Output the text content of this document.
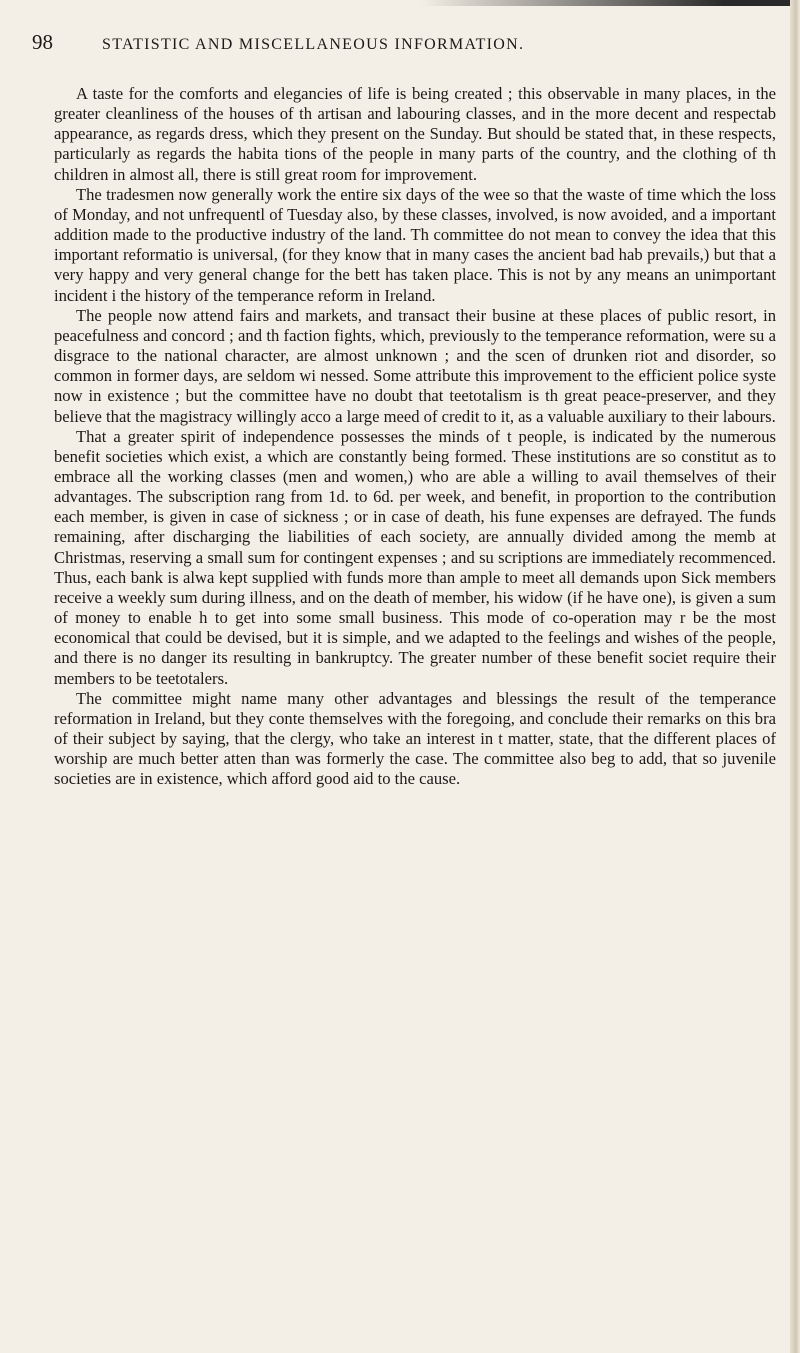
98	STATISTIC AND MISCELLANEOUS INFORMATION.

A taste for the comforts and elegancies of life is being created ; this observable in many places, in the greater cleanliness of the houses of th artisan and labouring classes, and in the more decent and respectab appearance, as regards dress, which they present on the Sunday. But should be stated that, in these respects, particularly as regards the habita tions of the people in many parts of the country, and the clothing of th children in almost all, there is still great room for improvement.

The tradesmen now generally work the entire six days of the wee so that the waste of time which the loss of Monday, and not unfrequentl of Tuesday also, by these classes, involved, is now avoided, and a important addition made to the productive industry of the land. Th committee do not mean to convey the idea that this important reformatio is universal, (for they know that in many cases the ancient bad hab prevails,) but that a very happy and very general change for the bett has taken place. This is not by any means an unimportant incident i the history of the temperance reform in Ireland.

The people now attend fairs and markets, and transact their busine at these places of public resort, in peacefulness and concord ; and th faction fights, which, previously to the temperance reformation, were su a disgrace to the national character, are almost unknown ; and the scen of drunken riot and disorder, so common in former days, are seldom wi nessed. Some attribute this improvement to the efficient police syste now in existence ; but the committee have no doubt that teetotalism is th great peace-preserver, and they believe that the magistracy willingly acco a large meed of credit to it, as a valuable auxiliary to their labours.

That a greater spirit of independence possesses the minds of t people, is indicated by the numerous benefit societies which exist, a which are constantly being formed. These institutions are so constitut as to embrace all the working classes (men and women,) who are able a willing to avail themselves of their advantages. The subscription rang from 1d. to 6d. per week, and benefit, in proportion to the contribution each member, is given in case of sickness ; or in case of death, his fune expenses are defrayed. The funds remaining, after discharging the liabilities of each society, are annually divided among the memb at Christmas, reserving a small sum for contingent expenses ; and su scriptions are immediately recommenced. Thus, each bank is alwa kept supplied with funds more than ample to meet all demands upon Sick members receive a weekly sum during illness, and on the death of member, his widow (if he have one), is given a sum of money to enable h to get into some small business. This mode of co-operation may r be the most economical that could be devised, but it is simple, and we adapted to the feelings and wishes of the people, and there is no danger its resulting in bankruptcy. The greater number of these benefit societ require their members to be teetotalers.

The committee might name many other advantages and blessings the result of the temperance reformation in Ireland, but they conte themselves with the foregoing, and conclude their remarks on this bra of their subject by saying, that the clergy, who take an interest in t matter, state, that the different places of worship are much better atten than was formerly the case. The committee also beg to add, that so juvenile societies are in existence, which afford good aid to the cause.
